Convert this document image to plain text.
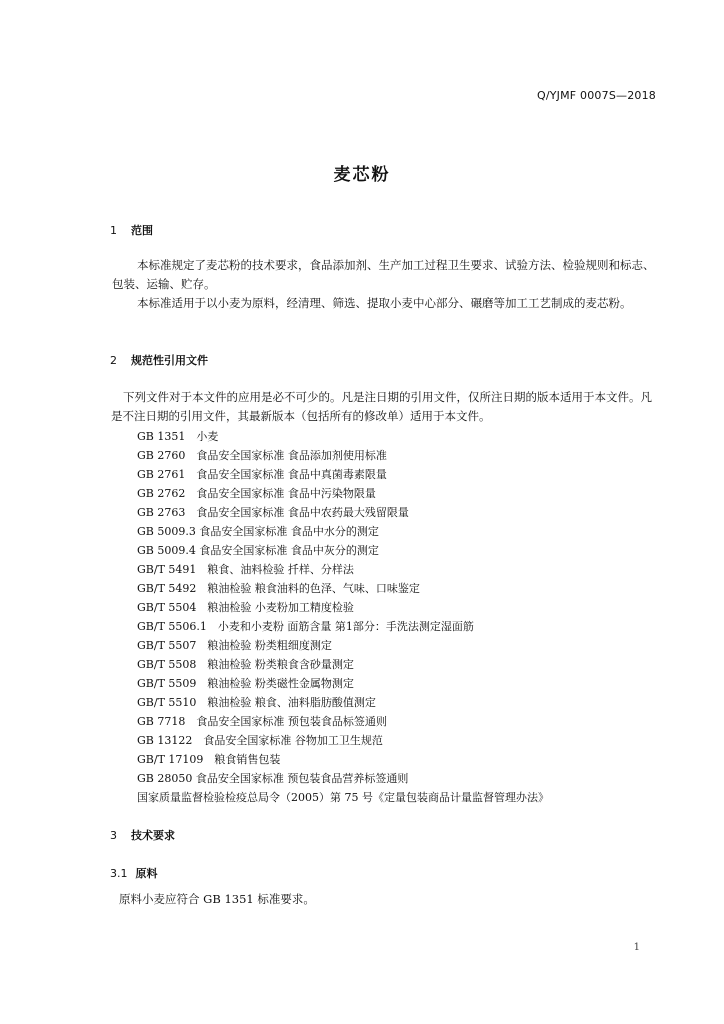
Q/YJMF 0007S—2018
麦芯粉
1 范围
本标准规定了麦芯粉的技术要求，食品添加剂、生产加工过程卫生要求、试验方法、检验规则和标志、包装、运输、贮存。
本标准适用于以小麦为原料，经清理、筛选、提取小麦中心部分、碾磨等加工工艺制成的麦芯粉。
2 规范性引用文件
下列文件对于本文件的应用是必不可少的。凡是注日期的引用文件，仅所注日期的版本适用于本文件。凡是不注日期的引用文件，其最新版本（包括所有的修改单）适用于本文件。
GB 1351　小麦
GB 2760　食品安全国家标准 食品添加剂使用标准
GB 2761　食品安全国家标准 食品中真菌毒素限量
GB 2762　食品安全国家标准 食品中污染物限量
GB 2763　食品安全国家标准 食品中农药最大残留限量
GB 5009.3 食品安全国家标准 食品中水分的测定
GB 5009.4 食品安全国家标准 食品中灰分的测定
GB/T 5491　粮食、油料检验 扦样、分样法
GB/T 5492　粮油检验 粮食油料的色泽、气味、口味鉴定
GB/T 5504　粮油检验 小麦粉加工精度检验
GB/T 5506.1　小麦和小麦粉 面筋含量 第1部分：手洗法测定湿面筋
GB/T 5507　粮油检验 粉类粗细度测定
GB/T 5508　粮油检验 粉类粮食含砂量测定
GB/T 5509　粮油检验 粉类磁性金属物测定
GB/T 5510　粮油检验 粮食、油料脂肪酸值测定
GB 7718　食品安全国家标准 预包装食品标签通则
GB 13122　食品安全国家标准 谷物加工卫生规范
GB/T 17109　粮食销售包装
GB 28050 食品安全国家标准 预包装食品营养标签通则
国家质量监督检验检疫总局令（2005）第 75 号《定量包装商品计量监督管理办法》
3 技术要求
3.1 原料
原料小麦应符合 GB 1351 标准要求。
1
